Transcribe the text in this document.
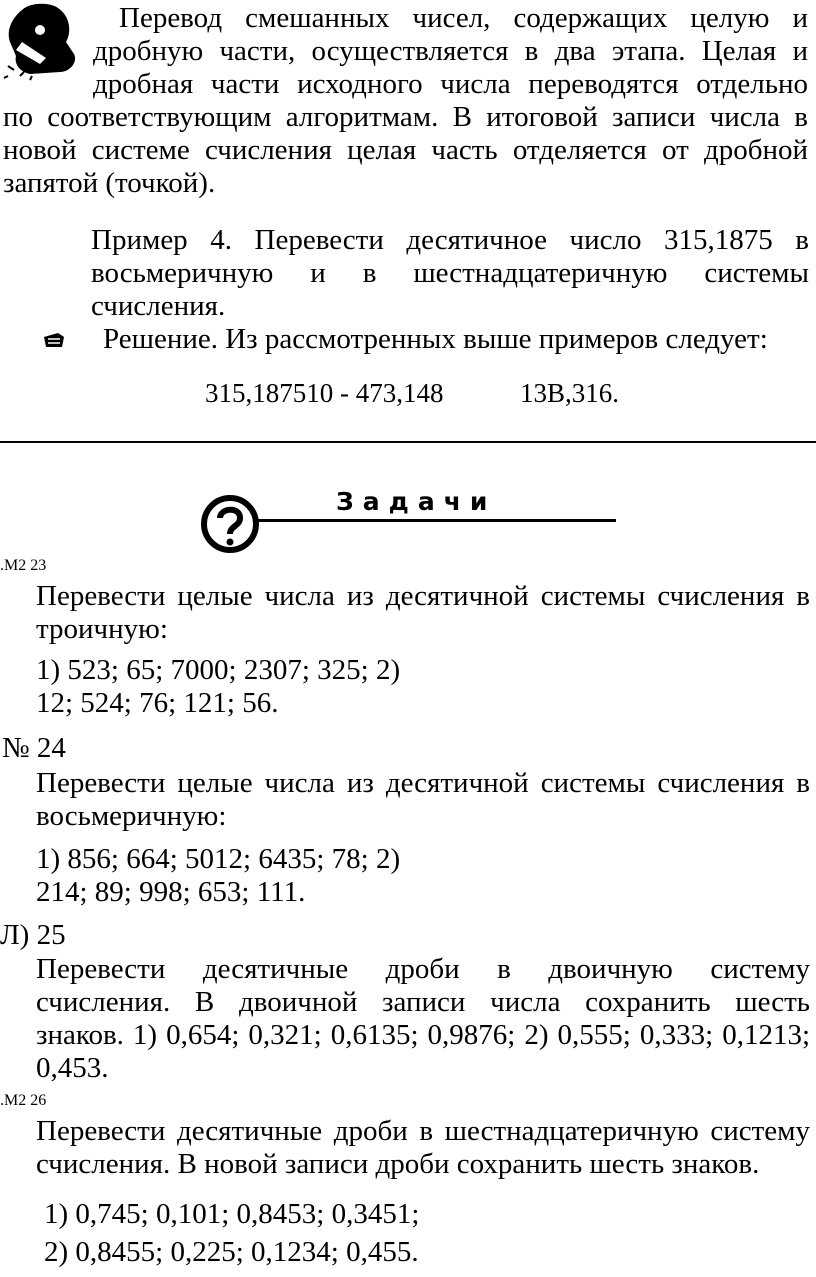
Перевод смешанных чисел, содержащих целую и
дробную части, осуществляется в два этапа. Целая и
дробная части исходного числа переводятся отдельно
по соответствующим алгоритмам. В итоговой записи числа в
новой системе счисления целая часть отделяется от дробной
запятой (точкой).
Пример 4. Перевести десятичное число 315,1875 в
восьмеричную и в шестнадцатеричную системы
счисления.
Решение. Из рассмотренных выше примеров следует:
315,187510 - 473,148	13В,316.
Задачи
.М2 23
Перевести целые числа из десятичной системы счисления в
троичную:
1) 523; 65; 7000; 2307; 325; 2)
12; 524; 76; 121; 56.
№ 24
Перевести целые числа из десятичной системы счисления в
восьмеричную:
1) 856; 664; 5012; 6435; 78; 2)
214; 89; 998; 653; 111.
Л) 25
Перевести десятичные дроби в двоичную систему
счисления. В двоичной записи числа сохранить шесть
знаков. 1) 0,654; 0,321; 0,6135; 0,9876; 2) 0,555; 0,333; 0,1213;
0,453.
.М2 26
Перевести десятичные дроби в шестнадцатеричную систему
счисления. В новой записи дроби сохранить шесть знаков.
1) 0,745; 0,101; 0,8453; 0,3451;
2) 0,8455; 0,225; 0,1234; 0,455.
